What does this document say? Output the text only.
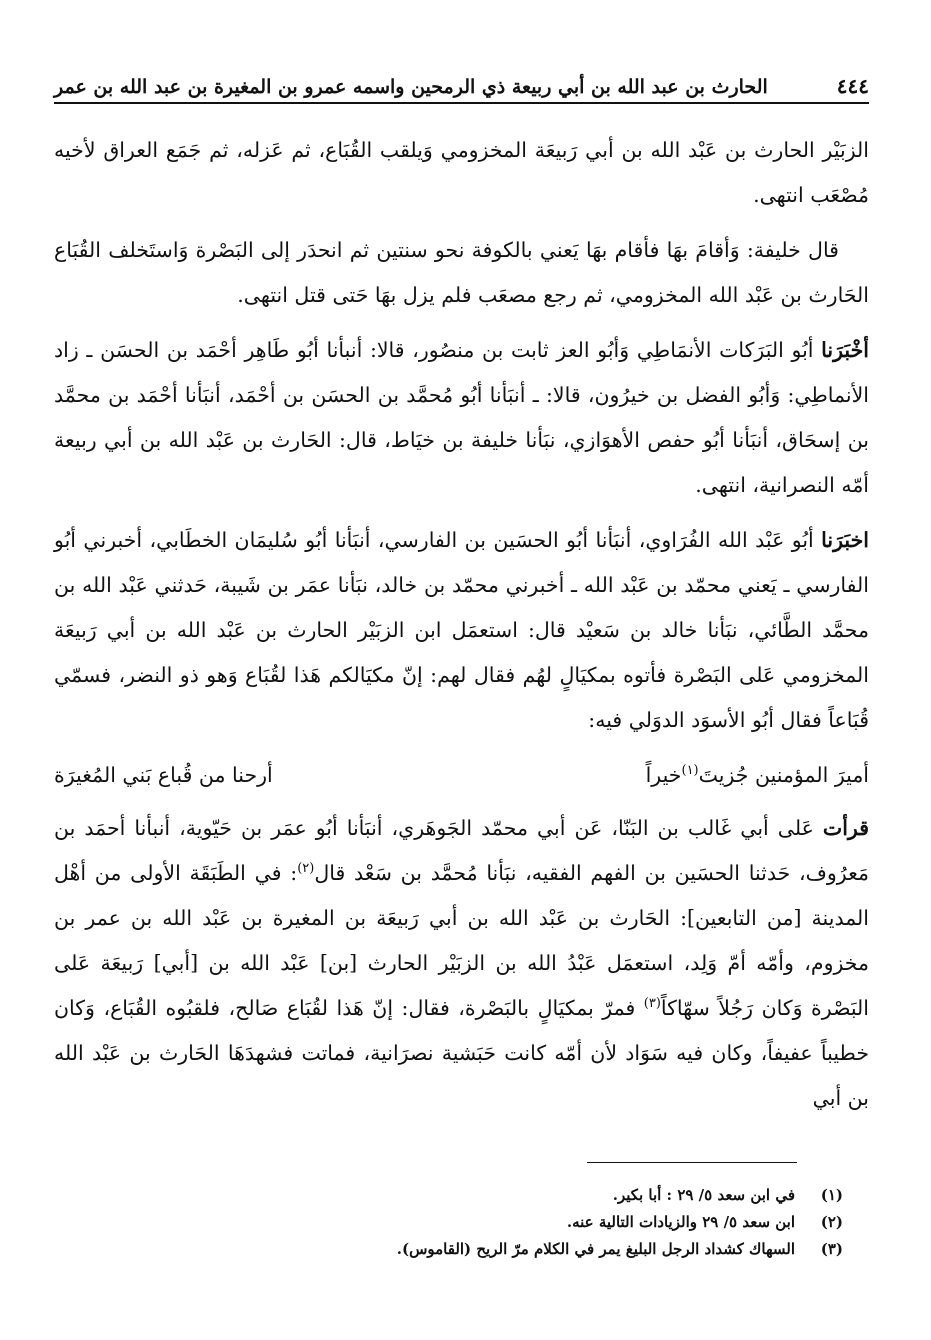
٤٤٤
الحارث بن عبد الله بن أبي ربيعة ذي الرمحين واسمه عمرو بن المغيرة بن عبد الله بن عمر

الزبَيْر الحارث بن عَبْد الله بن أبي رَبيعَة المخزومي وَيلقب القُبَاع، ثم عَزله، ثم جَمَع العراق لأخيه مُصْعَب انتهى.

قال خليفة: وَأقامَ بهَا فأقام بهَا يَعني بالكوفة نحو سنتين ثم انحدَر إلى البَصْرة وَاستَخلف القُبَاع الحَارث بن عَبْد الله المخزومي، ثم رجع مصعَب فلم يزل بهَا حَتى قتل انتهى.

أخْبَرَنا أبُو البَرَكات الأنمَاطِي وَأبُو العز ثابت بن منصُور، قالا: أنبأنا أبُو طَاهِر أحْمَد بن الحسَن ـ زاد الأنماطِي: وَأبُو الفضل بن خيرُون، قالا: ـ أنبَأنا أبُو مُحمَّد بن الحسَن بن أحْمَد، أنبَأنا أحْمَد بن محمَّد بن إسحَاق، أنبَأنا أبُو حفص الأهوَازي، نبَأنا خليفة بن خيَاط، قال: الحَارث بن عَبْد الله بن أبي ربيعة أمّه النصرانية، انتهى.

اخبَرَنا أبُو عَبْد الله الفُرَاوي، أنبَأنا أبُو الحسَين بن الفارسي، أنبَأنا أبُو سُليمَان الخطَابي، أخبرني أبُو الفارسي ـ يَعني محمّد بن عَبْد الله ـ أخبرني محمّد بن خالد، نبَأنا عمَر بن شَيبة، حَدثني عَبْد الله بن محمَّد الطَّائي، نبَأنا خالد بن سَعيْد قال: استعمَل ابن الزبَيْر الحارث بن عَبْد الله بن أبي رَبيعَة المخزومي عَلى البَصْرة فأتوه بمكيَالٍ لهُم فقال لهم: إنّ مكيَالكم هَذا لقُبَاع وَهو ذو النضر، فسمّي قُبَاعاً فقال أبُو الأسوَد الدوَلي فيه:

أميرَ المؤمنين جُزيتَ$^{(١)}$خيراً
أرحنا من قُباع بَني المُغيرَة

قرأت عَلى أبي غَالب بن البَنّا، عَن أبي محمّد الجَوهَري، أنبَأنا أبُو عمَر بن حَيّوية، أنبأنا أحمَد بن مَعرُوف، حَدثنا الحسَين بن الفهم الفقيه، نبَأنا مُحمَّد بن سَعْد قال$^{(٢)}$: في الطَبَقَة الأولى من أهْل المدينة [من التابعين]: الحَارث بن عَبْد الله بن أبي رَبيعَة بن المغيرة بن عَبْد الله بن عمر بن مخزوم، وأمّه أمّ وَلِد، استعمَل عَبْدُ الله بن الزبَيْر الحارث [بن] عَبْد الله بن [أبي] رَبيعَة عَلى البَصْرة وَكان رَجُلاً سهّاكاً$^{(٣)}$ فمرّ بمكيَالٍ بالبَصْرة، فقال: إنّ هَذا لقُبَاع صَالح، فلقبُوه القُبَاع، وَكان خطيباً عفيفاً، وكان فيه سَوَاد لأن أمّه كانت حَبَشية نصرَانية، فماتت فشهدَهَا الحَارث بن عَبْد الله بن أبي

(١)
في ابن سعد ٥/ ٢٩ : أبا بكير.
(٢)
ابن سعد ٥/ ٢٩ والزيادات التالية عنه.
(٣)
السهاك كشداد الرجل البليغ يمر في الكلام مرّ الريح (القاموس).
